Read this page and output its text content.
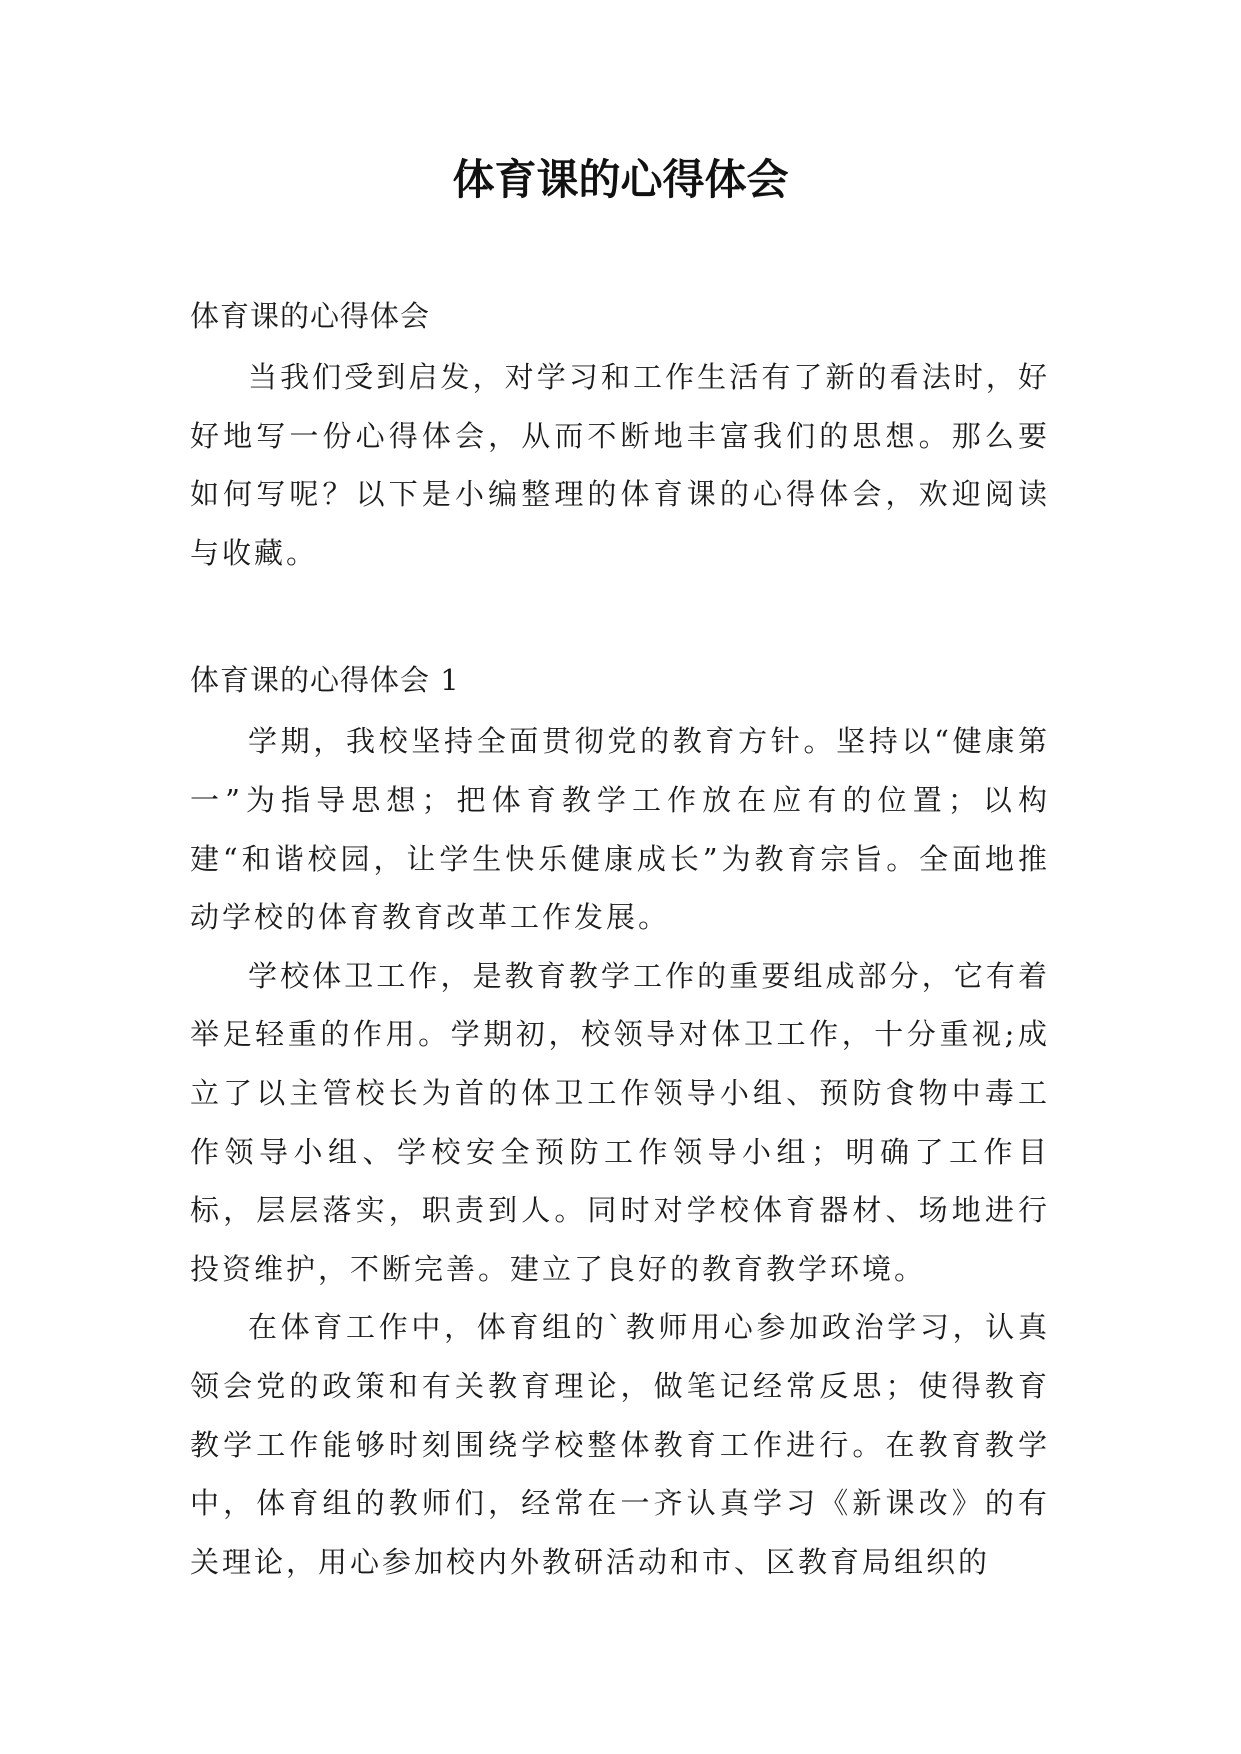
体育课的心得体会

体育课的心得体会

当我们受到启发，对学习和工作生活有了新的看法时，好好地写一份心得体会，从而不断地丰富我们的思想。那么要如何写呢？以下是小编整理的体育课的心得体会，欢迎阅读与收藏。

体育课的心得体会 1

学期，我校坚持全面贯彻党的教育方针。坚持以“健康第一”为指导思想；把体育教学工作放在应有的位置；以构建“和谐校园，让学生快乐健康成长”为教育宗旨。全面地推动学校的体育教育改革工作发展。

学校体卫工作，是教育教学工作的重要组成部分，它有着举足轻重的作用。学期初，校领导对体卫工作，十分重视;成立了以主管校长为首的体卫工作领导小组、预防食物中毒工作领导小组、学校安全预防工作领导小组；明确了工作目标，层层落实，职责到人。同时对学校体育器材、场地进行投资维护，不断完善。建立了良好的教育教学环境。

在体育工作中，体育组的`教师用心参加政治学习，认真领会党的政策和有关教育理论，做笔记经常反思；使得教育教学工作能够时刻围绕学校整体教育工作进行。在教育教学中，体育组的教师们，经常在一齐认真学习《新课改》的有关理论，用心参加校内外教研活动和市、区教育局组织的
